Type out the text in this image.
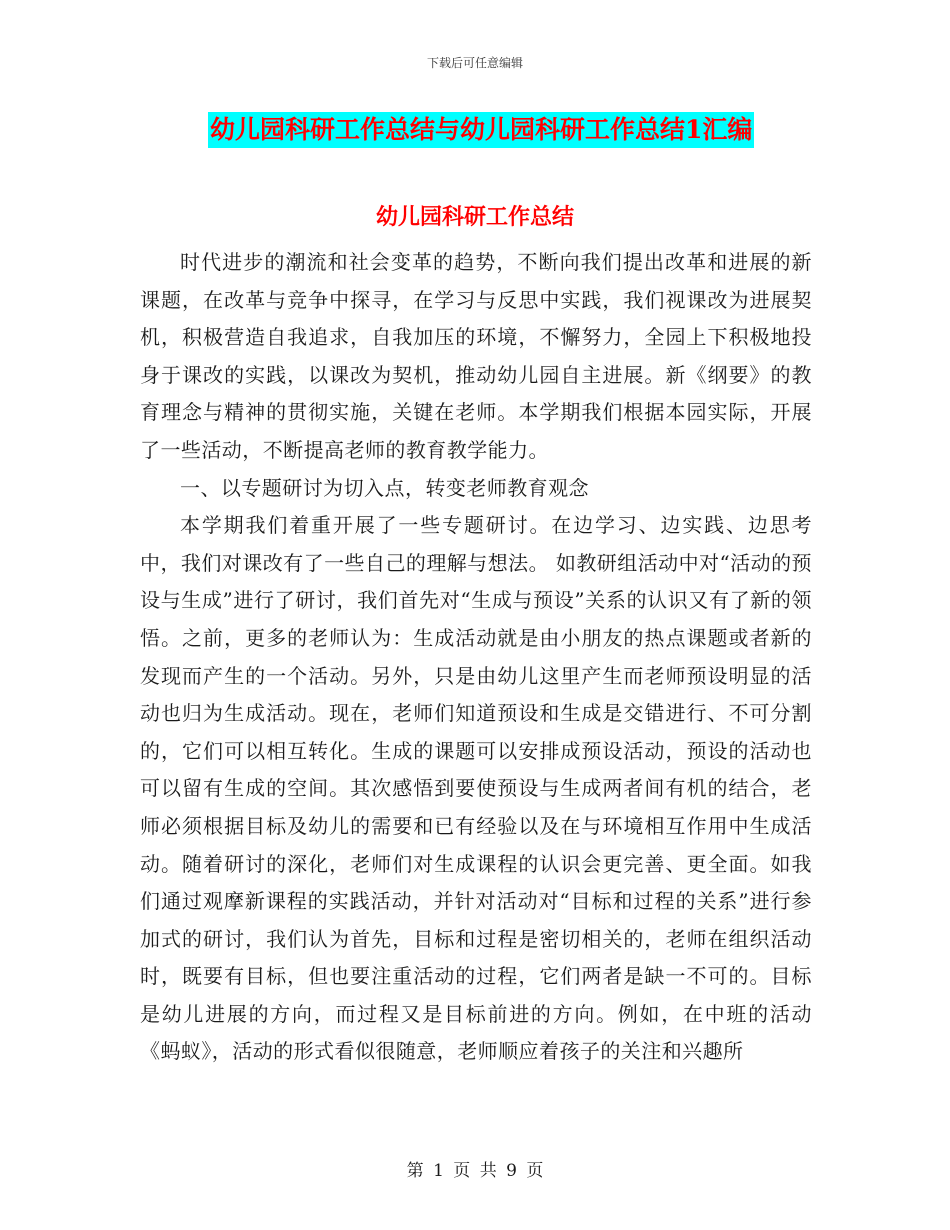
下载后可任意编辑
幼儿园科研工作总结与幼儿园科研工作总结1汇编
幼儿园科研工作总结

时代进步的潮流和社会变革的趋势，不断向我们提出改革和进展的新课题，在改革与竞争中探寻，在学习与反思中实践，我们视课改为进展契机，积极营造自我追求，自我加压的环境，不懈努力，全园上下积极地投身于课改的实践，以课改为契机，推动幼儿园自主进展。新《纲要》的教育理念与精神的贯彻实施，关键在老师。本学期我们根据本园实际，开展了一些活动，不断提高老师的教育教学能力。

一、以专题研讨为切入点，转变老师教育观念

本学期我们着重开展了一些专题研讨。在边学习、边实践、边思考中，我们对课改有了一些自己的理解与想法。 如教研组活动中对“活动的预设与生成”进行了研讨，我们首先对“生成与预设”关系的认识又有了新的领悟。之前，更多的老师认为：生成活动就是由小朋友的热点课题或者新的发现而产生的一个活动。另外，只是由幼儿这里产生而老师预设明显的活动也归为生成活动。现在，老师们知道预设和生成是交错进行、不可分割的，它们可以相互转化。生成的课题可以安排成预设活动，预设的活动也可以留有生成的空间。其次感悟到要使预设与生成两者间有机的结合，老师必须根据目标及幼儿的需要和已有经验以及在与环境相互作用中生成活动。随着研讨的深化，老师们对生成课程的认识会更完善、更全面。如我们通过观摩新课程的实践活动，并针对活动对“目标和过程的关系”进行参加式的研讨，我们认为首先，目标和过程是密切相关的，老师在组织活动时，既要有目标，但也要注重活动的过程，它们两者是缺一不可的。目标是幼儿进展的方向，而过程又是目标前进的方向。例如，在中班的活动《蚂蚁》，活动的形式看似很随意，老师顺应着孩子的关注和兴趣所

第 1 页 共 9 页
